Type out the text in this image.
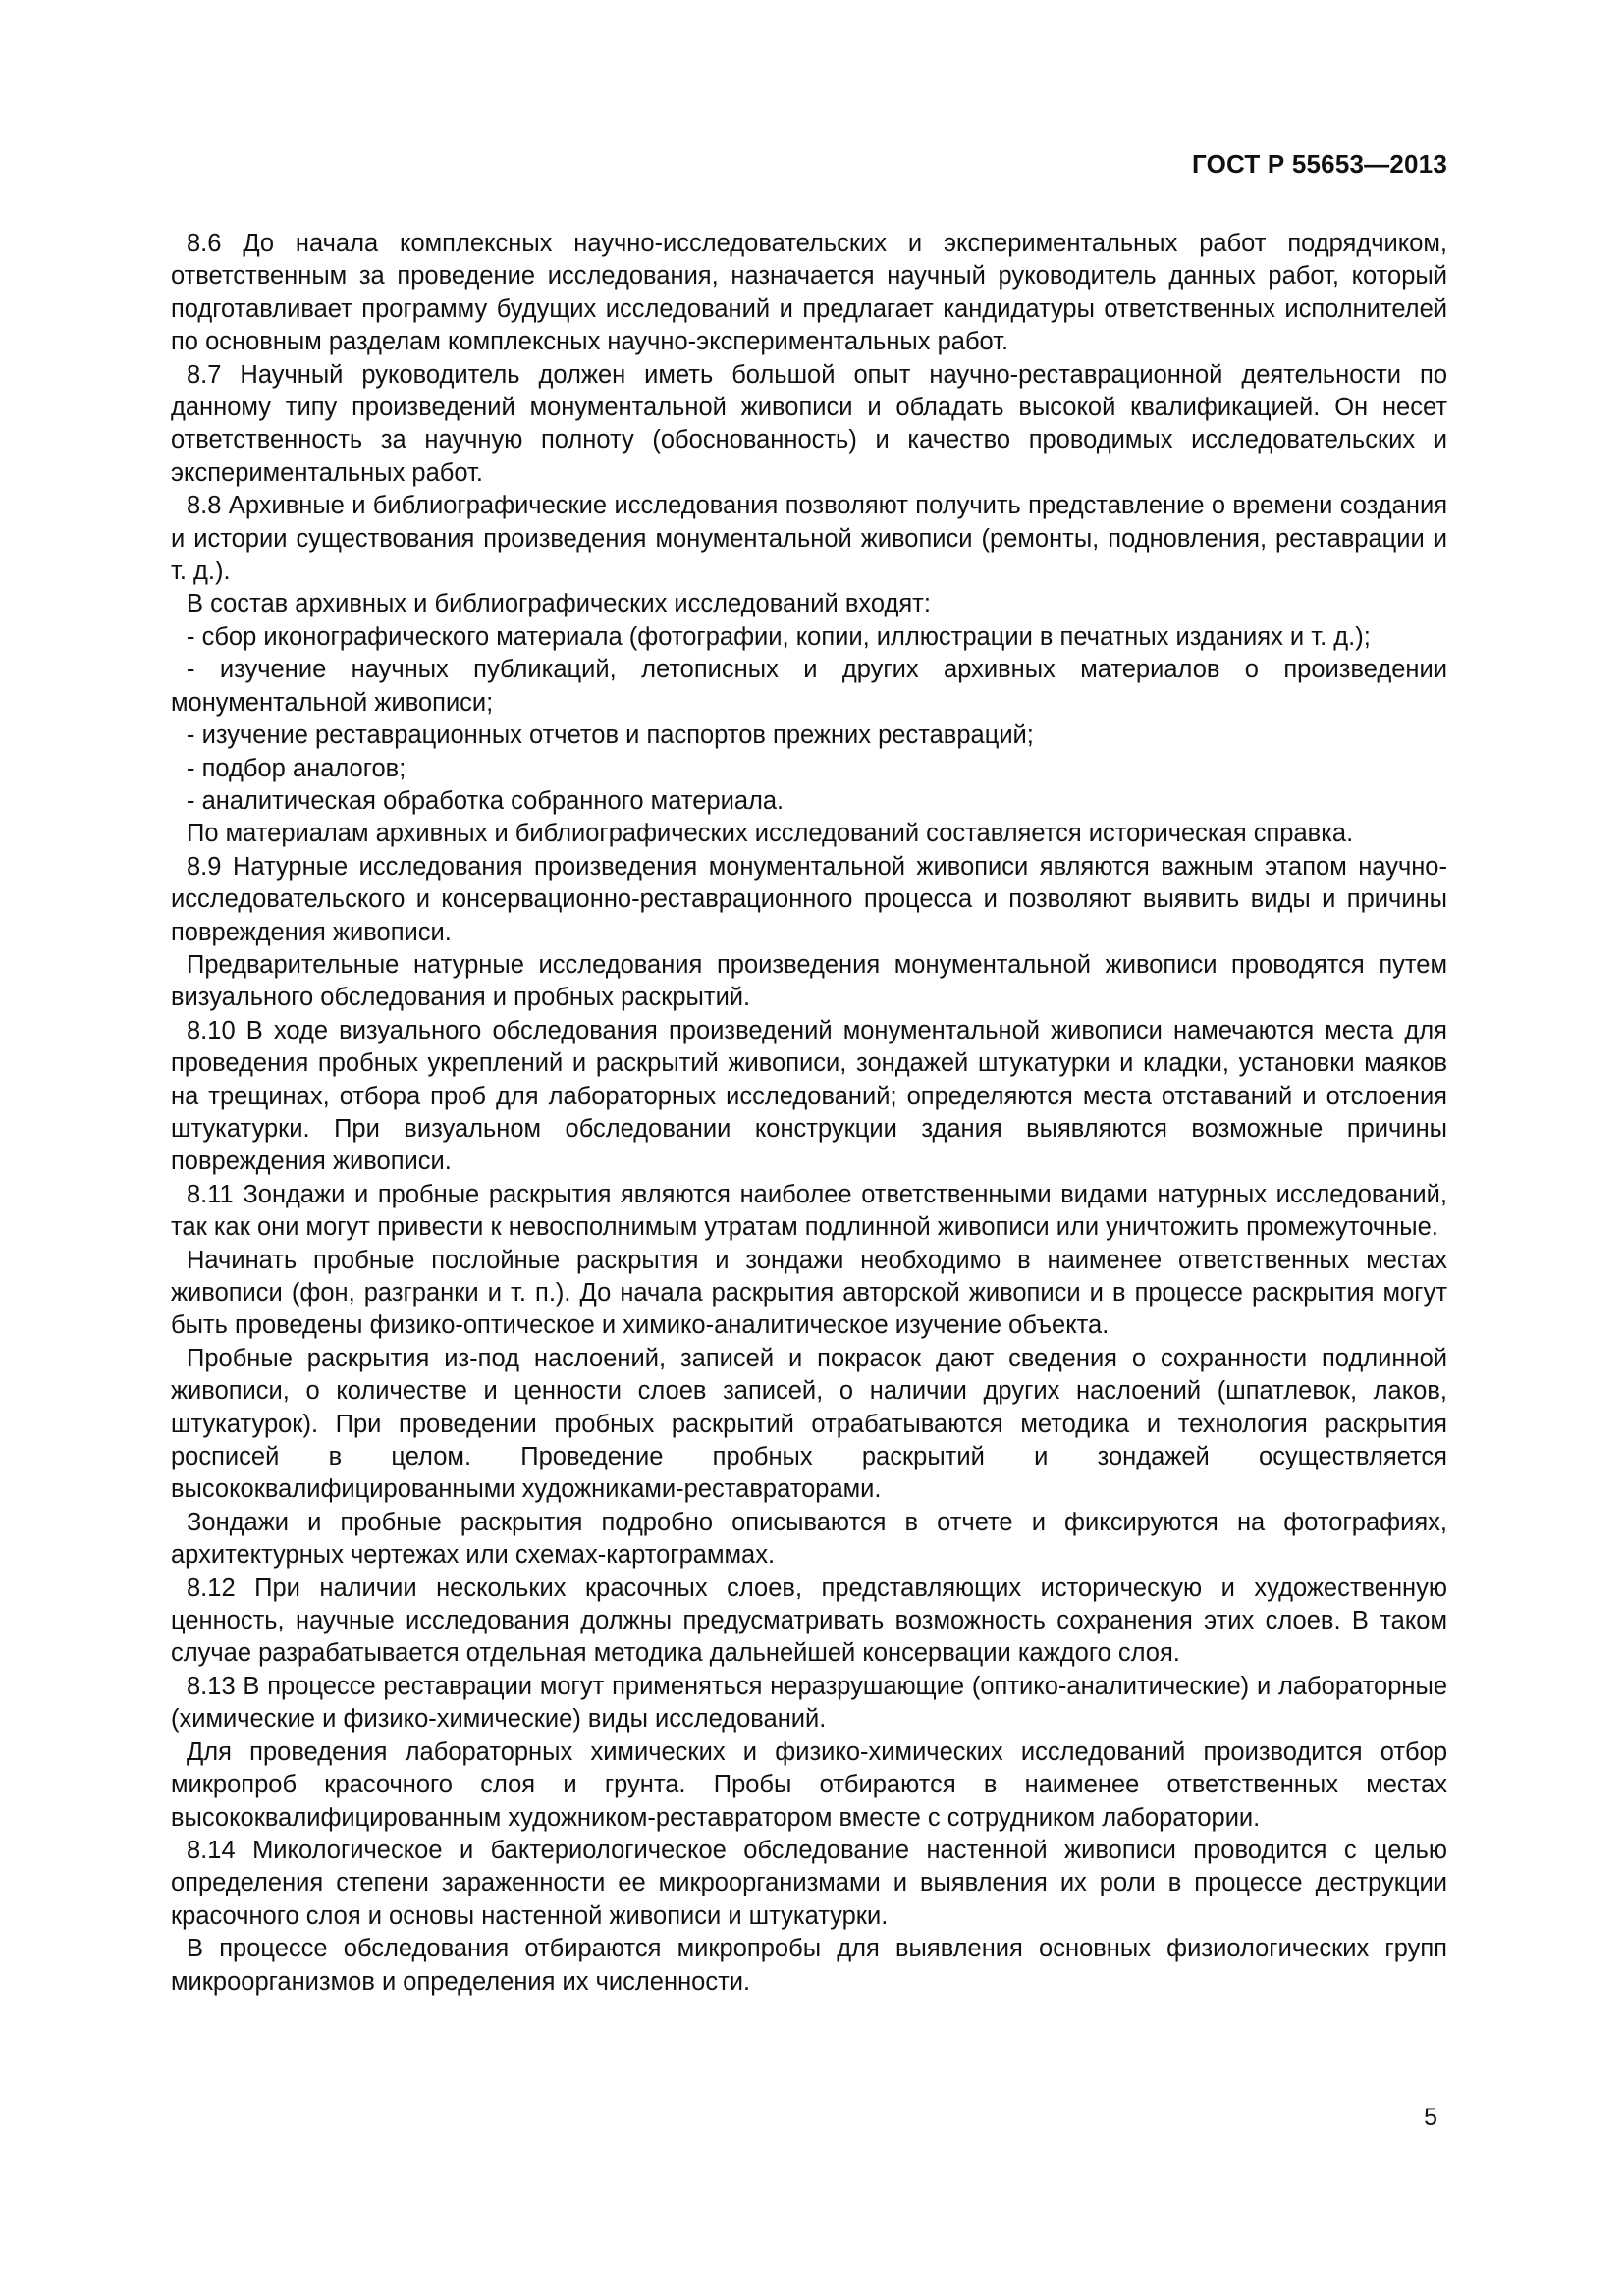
ГОСТ Р 55653—2013

8.6 До начала комплексных научно-исследовательских и экспериментальных работ подрядчиком, ответственным за проведение исследования, назначается научный руководитель данных работ, который подготавливает программу будущих исследований и предлагает кандидатуры ответственных исполнителей по основным разделам комплексных научно-экспериментальных работ.

8.7 Научный руководитель должен иметь большой опыт научно-реставрационной деятельности по данному типу произведений монументальной живописи и обладать высокой квалификацией. Он несет ответственность за научную полноту (обоснованность) и качество проводимых исследовательских и экспериментальных работ.

8.8 Архивные и библиографические исследования позволяют получить представление о времени создания и истории существования произведения монументальной живописи (ремонты, подновления, реставрации и т. д.).

В состав архивных и библиографических исследований входят:

- сбор иконографического материала (фотографии, копии, иллюстрации в печатных изданиях и т. д.);

- изучение научных публикаций, летописных и других архивных материалов о произведении монументальной живописи;

- изучение реставрационных отчетов и паспортов прежних реставраций;

- подбор аналогов;

- аналитическая обработка собранного материала.

По материалам архивных и библиографических исследований составляется историческая справка.

8.9 Натурные исследования произведения монументальной живописи являются важным этапом научно-исследовательского и консервационно-реставрационного процесса и позволяют выявить виды и причины повреждения живописи.

Предварительные натурные исследования произведения монументальной живописи проводятся путем визуального обследования и пробных раскрытий.

8.10 В ходе визуального обследования произведений монументальной живописи намечаются места для проведения пробных укреплений и раскрытий живописи, зондажей штукатурки и кладки, установки маяков на трещинах, отбора проб для лабораторных исследований; определяются места отставаний и отслоения штукатурки. При визуальном обследовании конструкции здания выявляются возможные причины повреждения живописи.

8.11 Зондажи и пробные раскрытия являются наиболее ответственными видами натурных исследований, так как они могут привести к невосполнимым утратам подлинной живописи или уничтожить промежуточные.

Начинать пробные послойные раскрытия и зондажи необходимо в наименее ответственных местах живописи (фон, разгранки и т. п.). До начала раскрытия авторской живописи и в процессе раскрытия могут быть проведены физико-оптическое и химико-аналитическое изучение объекта.

Пробные раскрытия из-под наслоений, записей и покрасок дают сведения о сохранности подлинной живописи, о количестве и ценности слоев записей, о наличии других наслоений (шпатлевок, лаков, штукатурок). При проведении пробных раскрытий отрабатываются методика и технология раскрытия росписей в целом. Проведение пробных раскрытий и зондажей осуществляется высококвалифицированными художниками-реставраторами.

Зондажи и пробные раскрытия подробно описываются в отчете и фиксируются на фотографиях, архитектурных чертежах или схемах-картограммах.

8.12 При наличии нескольких красочных слоев, представляющих историческую и художественную ценность, научные исследования должны предусматривать возможность сохранения этих слоев. В таком случае разрабатывается отдельная методика дальнейшей консервации каждого слоя.

8.13 В процессе реставрации могут применяться неразрушающие (оптико-аналитические) и лабораторные (химические и физико-химические) виды исследований.

Для проведения лабораторных химических и физико-химических исследований производится отбор микропроб красочного слоя и грунта. Пробы отбираются в наименее ответственных местах высококвалифицированным художником-реставратором вместе с сотрудником лаборатории.

8.14 Микологическое и бактериологическое обследование настенной живописи проводится с целью определения степени зараженности ее микроорганизмами и выявления их роли в процессе деструкции красочного слоя и основы настенной живописи и штукатурки.

В процессе обследования отбираются микропробы для выявления основных физиологических групп микроорганизмов и определения их численности.

5
